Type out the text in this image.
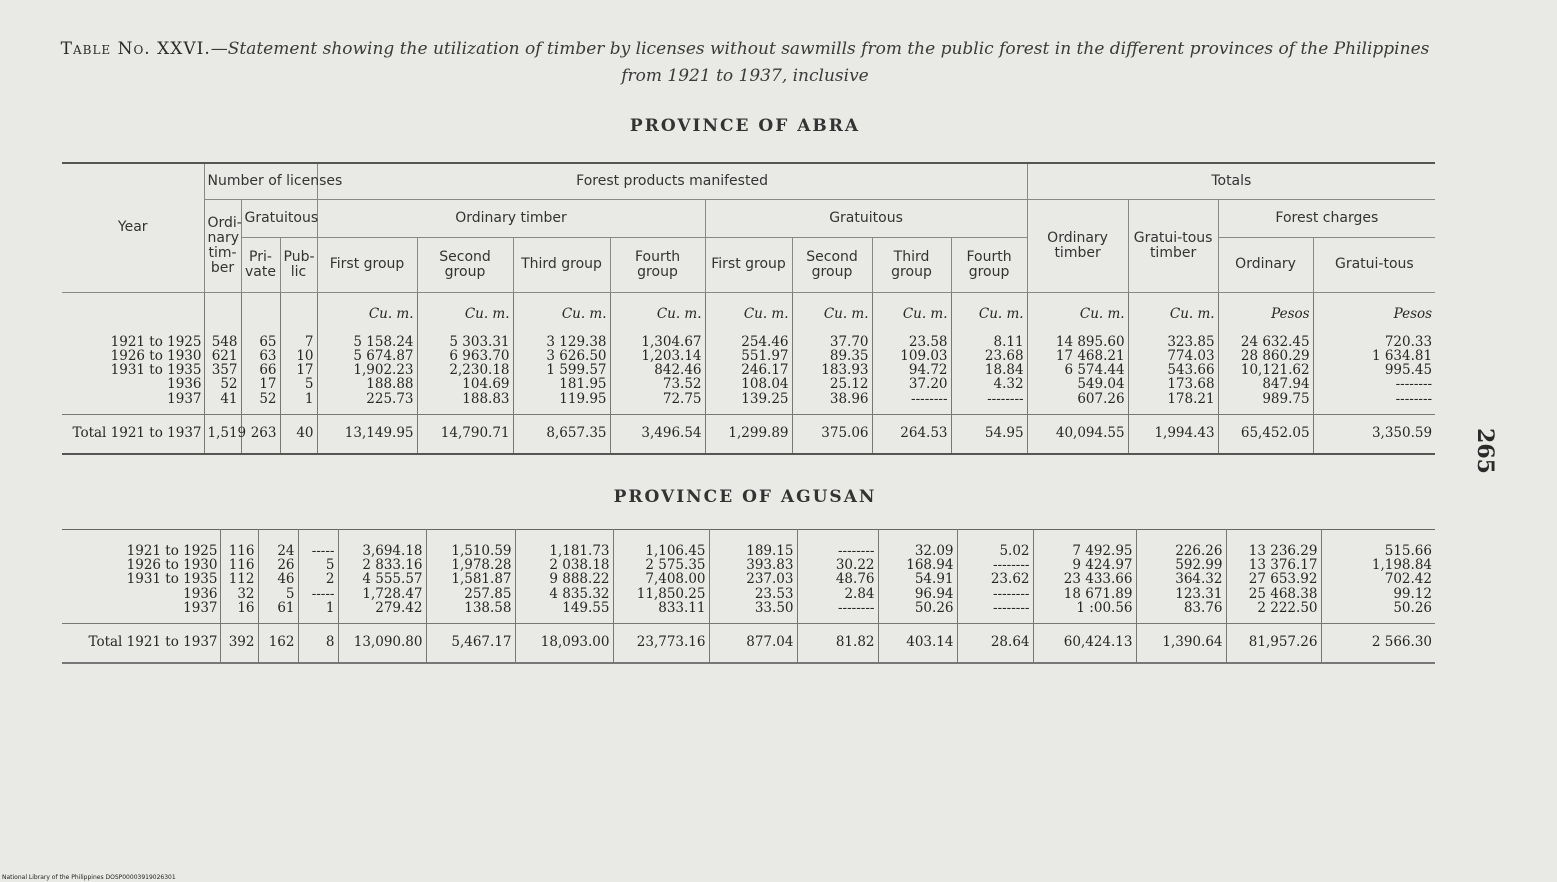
Table No. XXVI.—Statement showing the utilization of timber by licenses without sawmills from the public forest in the different provinces of the Philippines from 1921 to 1937, inclusive
PROVINCE OF ABRA
Year	Number of licenses			Forest products manifested								Totals			
	Ordi-nary tim-ber	Gratuitous		Ordinary timber				Gratuitous				Ordinary timber	Gratui-tous timber	Forest charges	
		Pri-vate	Pub-lic	First group	Second group	Third group	Fourth group	First group	Second group	Third group	Fourth group			Ordinary	Gratui-tous
				Cu. m.	Cu. m.	Cu. m.	Cu. m.	Cu. m.	Cu. m.	Cu. m.	Cu. m.	Cu. m.	Cu. m.	Pesos	Pesos
1921 to 1925	548	65	7	5 158.24	5 303.31	3 129.38	1,304.67	254.46	37.70	23.58	8.11	14 895.60	323.85	24 632.45	720.33
1926 to 1930	621	63	10	5 674.87	6 963.70	3 626.50	1,203.14	551.97	89.35	109.03	23.68	17 468.21	774.03	28 860.29	1 634.81
1931 to 1935	357	66	17	1,902.23	2,230.18	1 599.57	842.46	246.17	183.93	94.72	18.84	6 574.44	543.66	10,121.62	995.45
1936	52	17	5	188.88	104.69	181.95	73.52	108.04	25.12	37.20	4.32	549.04	173.68	847.94	--------
1937	41	52	1	225.73	188.83	119.95	72.75	139.25	38.96	--------	--------	607.26	178.21	989.75	--------
Total 1921 to 1937	1,519	263	40	13,149.95	14,790.71	8,657.35	3,496.54	1,299.89	375.06	264.53	54.95	40,094.55	1,994.43	65,452.05	3,350.59
PROVINCE OF AGUSAN
1921 to 1925	116	24	-----	3,694.18	1,510.59	1,181.73	1,106.45	189.15	--------	32.09	5.02	7 492.95	226.26	13 236.29	515.66
1926 to 1930	116	26	5	2 833.16	1,978.28	2 038.18	2 575.35	393.83	30.22	168.94	--------	9 424.97	592.99	13 376.17	1,198.84
1931 to 1935	112	46	2	4 555.57	1,581.87	9 888.22	7,408.00	237.03	48.76	54.91	23.62	23 433.66	364.32	27 653.92	702.42
1936	32	5	-----	1,728.47	257.85	4 835.32	11,850.25	23.53	2.84	96.94	--------	18 671.89	123.31	25 468.38	99.12
1937	16	61	1	279.42	138.58	149.55	833.11	33.50	--------	50.26	--------	1 :00.56	83.76	2 222.50	50.26
Total 1921 to 1937	392	162	8	13,090.80	5,467.17	18,093.00	23,773.16	877.04	81.82	403.14	28.64	60,424.13	1,390.64	81,957.26	2 566.30
265
National Library of the Philippines DOSP00003919026301
